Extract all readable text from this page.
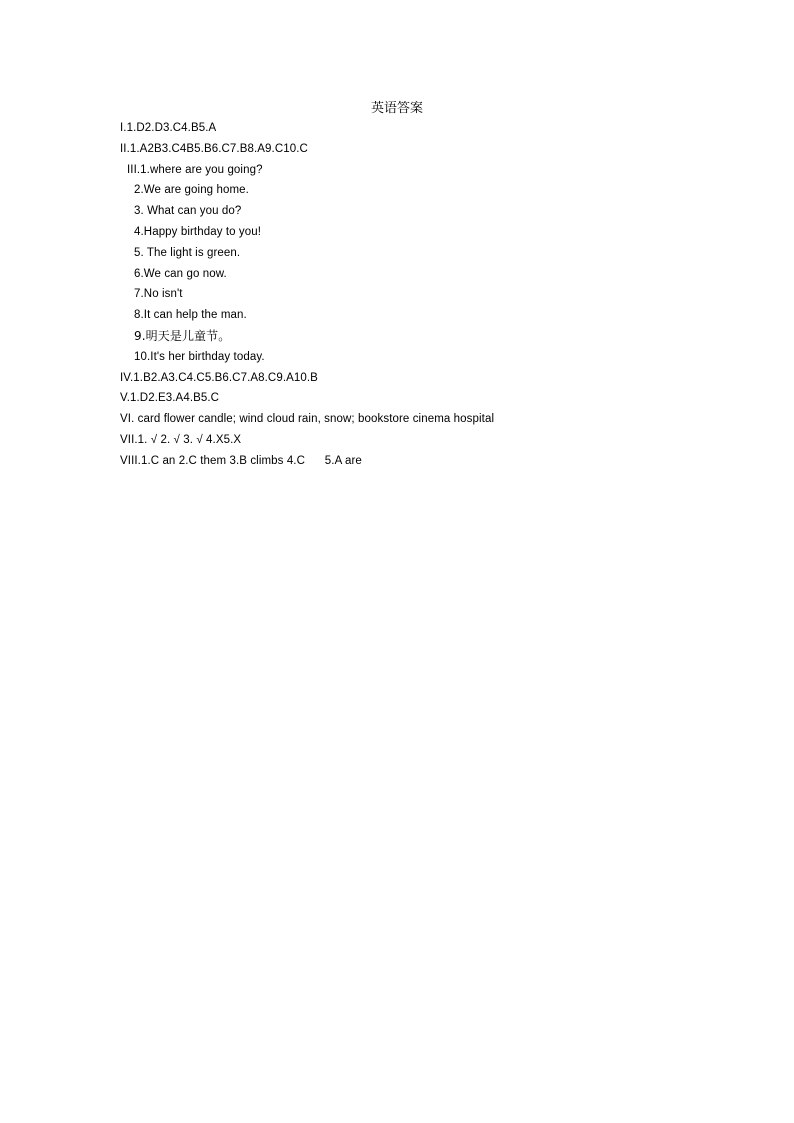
英语答案
I.1.D2.D3.C4.B5.A
II.1.A2B3.C4B5.B6.C7.B8.A9.C10.C
III.1.where are you going?
2.We are going home.
3. What can you do?
4.Happy birthday to you!
5. The light is green.
6.We can go now.
7.No isn't
8.It can help the man.
9.明天是儿童节。
10.It's her birthday today.
IV.1.B2.A3.C4.C5.B6.C7.A8.C9.A10.B
V.1.D2.E3.A4.B5.C
VI. card flower candle; wind cloud rain, snow; bookstore cinema hospital
VII.1. √ 2. √ 3. √ 4.X5.X
VIII.1.C an 2.C them 3.B climbs 4.C      5.A are
